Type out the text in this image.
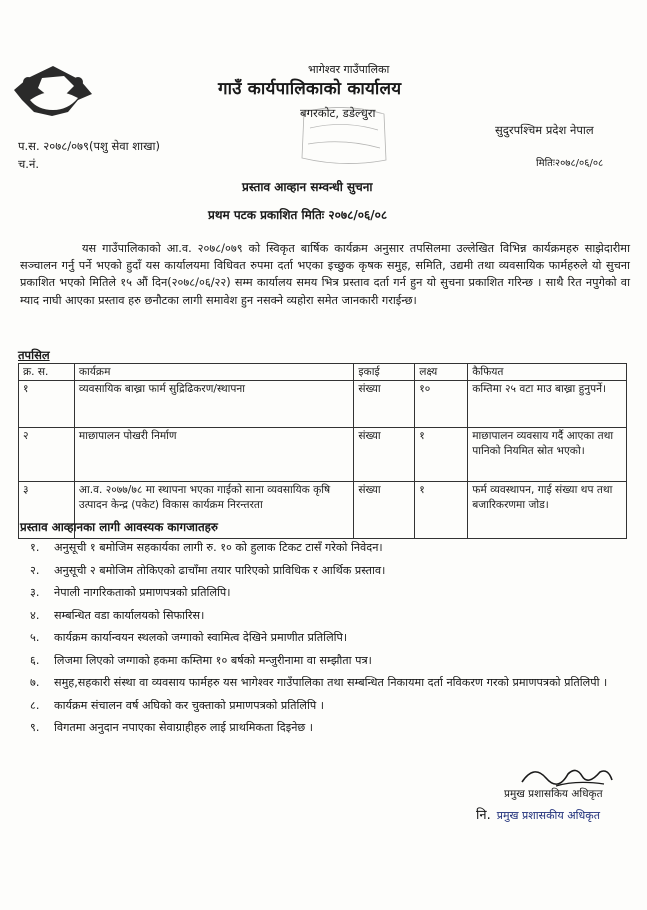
भागेश्वर गाउँपालिका
गाउँ कार्यपालिकाको कार्यालय
बगरकोट, डडेल्धुरा
सुदुरपश्चिम प्रदेश नेपाल
प.स. २०७८/०७९(पशु सेवा शाखा)
च.नं.	मितिः२०७८/०६/०८
प्रस्ताव आव्हान सम्वन्धी सुचना
प्रथम पटक प्रकाशित मितिः २०७८/०६/०८

यस गाउँपालिकाको आ.व. २०७८/०७९ को स्विकृत बार्षिक कार्यक्रम अनुसार तपसिलमा उल्लेखित विभिन्न कार्यक्रमहरु साझेदारीमा सञ्चालन गर्नु पर्ने भएको हुदाँ यस कार्यालयमा विधिवत रुपमा दर्ता भएका इच्छुक कृषक समुह, समिति, उद्यमी तथा व्यवसायिक फार्महरुले यो सुचना प्रकाशित भएको मितिले १५ औं दिन(२०७८/०६/२२) सम्म कार्यालय समय भित्र प्रस्ताव दर्ता गर्न हुन यो सुचना प्रकाशित गरिन्छ । साथै रित नपुगेको वा म्याद नाघी आएका प्रस्ताव हरु छनौटका लागी समावेश हुन नसक्ने व्यहोरा समेत जानकारी गराईन्छ।

तपसिल
क्र. स.	कार्यक्रम	इकाई	लक्ष्य	कैफियत
१	व्यवसायिक बाख्रा फार्म सुद्रिढिकरण/स्थापना	संख्या	१०	कम्तिमा २५ वटा माउ बाख्रा हुनुपर्ने।
२	माछापालन पोखरी निर्माण	संख्या	१	माछापालन व्यवसाय गर्दै आएका तथा पानिको नियमित स्रोत भएको।
३	आ.व. २०७७/७८ मा स्थापना भएका गाईको साना व्यवसायिक कृषि उत्पादन केन्द्र (पकेट) विकास कार्यक्रम निरन्तरता	संख्या	१	फर्म व्यवस्थापन, गाई संख्या थप तथा बजारिकरणमा जोड।
प्रस्ताव आव्हानका लागी आवस्यक कागजातहरु
१. अनुसूची १ बमोजिम सहकार्यका लागी रु. १० को हुलाक टिकट टासँ गरेको निवेदन।
२. अनुसूची २ बमोजिम तोकिएको ढाचाँमा तयार पारिएको प्राविधिक र आर्थिक प्रस्ताव।
३. नेपाली नागरिकताको प्रमाणपत्रको प्रतिलिपि।
४. सम्बन्धित वडा कार्यालयको सिफारिस।
५. कार्यक्रम कार्यान्वयन स्थलको जग्गाको स्वामित्व देखिने प्रमाणीत प्रतिलिपि।
६. लिजमा लिएको जग्गाको हकमा कम्तिमा १० बर्षको मन्जुरीनामा वा सम्झौता पत्र।
७. समुह,सहकारी संस्था वा व्यवसाय फार्महरु यस भागेश्वर गाउँपालिका तथा सम्बन्धित निकायमा दर्ता नविकरण गरको प्रमाणपत्रको प्रतिलिपी ।
८. कार्यक्रम संचालन वर्ष अघिको कर चुक्ताको प्रमाणपत्रको प्रतिलिपि ।
९. विगतमा अनुदान नपाएका सेवाग्राहीहरु लाई प्राथमिकता दिइनेछ ।
प्रमुख प्रशासकिय अधिकृत
नि. प्रमुख प्रशासकीय अधिकृत
